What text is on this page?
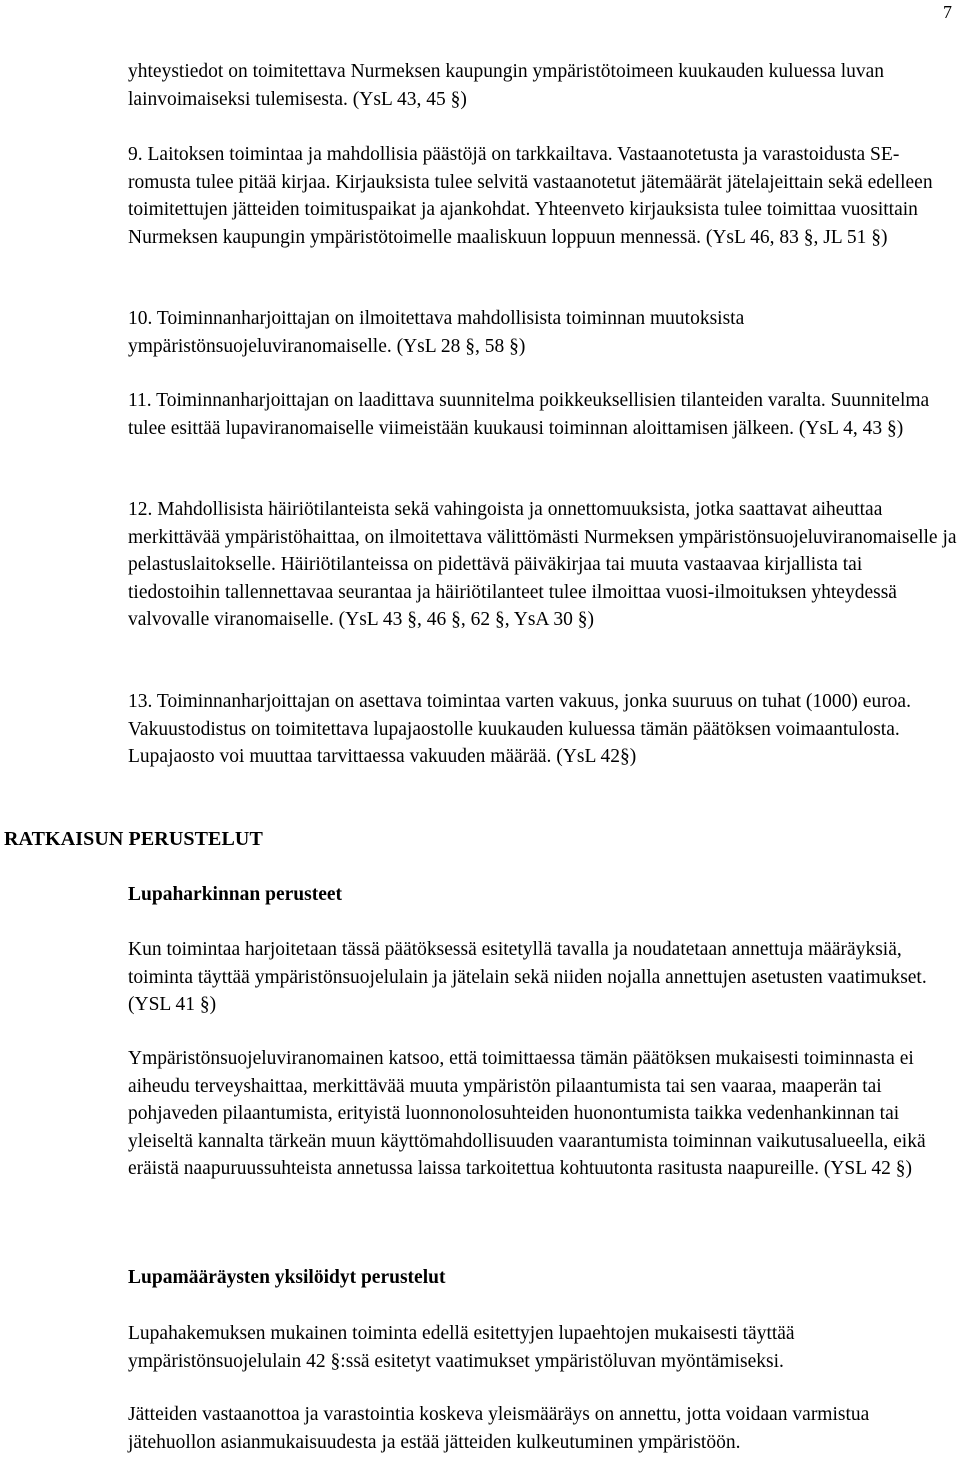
7

yhteystiedot on toimitettava Nurmeksen kaupungin ympäristötoimeen kuukauden kuluessa luvan lainvoimaiseksi tulemisesta. (YsL 43, 45 §)

9. Laitoksen toimintaa ja mahdollisia päästöjä on tarkkailtava. Vastaanotetusta ja varastoidusta SE-romusta tulee pitää kirjaa. Kirjauksista tulee selvitä vastaanotetut jätemäärät jätelajeittain sekä edelleen toimitettujen jätteiden toimituspaikat ja ajankohdat. Yhteenveto kirjauksista tulee toimittaa vuosittain Nurmeksen kaupungin ympäristötoimelle maaliskuun loppuun mennessä. (YsL 46, 83 §, JL 51 §)

10. Toiminnanharjoittajan on ilmoitettava mahdollisista toiminnan muutoksista ympäristönsuojeluviranomaiselle. (YsL 28 §, 58 §)

11. Toiminnanharjoittajan on laadittava suunnitelma poikkeuksellisien tilanteiden varalta. Suunnitelma tulee esittää lupaviranomaiselle viimeistään kuukausi toiminnan aloittamisen jälkeen. (YsL 4, 43 §)

12. Mahdollisista häiriötilanteista sekä vahingoista ja onnettomuuksista, jotka saattavat aiheuttaa merkittävää ympäristöhaittaa, on ilmoitettava välittömästi Nurmeksen ympäristönsuojeluviranomaiselle ja pelastuslaitokselle. Häiriötilanteissa on pidettävä päiväkirjaa tai muuta vastaavaa kirjallista tai tiedostoihin tallennettavaa seurantaa ja häiriötilanteet tulee ilmoittaa vuosi-ilmoituksen yhteydessä valvovalle viranomaiselle. (YsL 43 §, 46 §, 62 §, YsA 30 §)

13. Toiminnanharjoittajan on asettava toimintaa varten vakuus, jonka suuruus on tuhat (1000) euroa. Vakuustodistus on toimitettava lupajaostolle kuukauden kuluessa tämän päätöksen voimaantulosta. Lupajaosto voi muuttaa tarvittaessa vakuuden määrää. (YsL 42§)

RATKAISUN PERUSTELUT
Lupaharkinnan perusteet

Kun toimintaa harjoitetaan tässä päätöksessä esitetyllä tavalla ja noudatetaan annettuja määräyksiä, toiminta täyttää ympäristönsuojelulain ja jätelain sekä niiden nojalla annettujen asetusten vaatimukset. (YSL 41 §)

Ympäristönsuojeluviranomainen katsoo, että toimittaessa tämän päätöksen mukaisesti toiminnasta ei aiheudu terveyshaittaa, merkittävää muuta ympäristön pilaantumista tai sen vaaraa, maaperän tai pohjaveden pilaantumista, erityistä luonnonolosuhteiden huonontumista taikka vedenhankinnan tai yleiseltä kannalta tärkeän muun käyttömahdollisuuden vaarantumista toiminnan vaikutusalueella, eikä eräistä naapuruussuhteista annetussa laissa tarkoitettua kohtuutonta rasitusta naapureille. (YSL 42 §)

Lupamääräysten yksilöidyt perustelut

Lupahakemuksen mukainen toiminta edellä esitettyjen lupaehtojen mukaisesti täyttää ympäristönsuojelulain 42 §:ssä esitetyt vaatimukset ympäristöluvan myöntämiseksi.

Jätteiden vastaanottoa ja varastointia koskeva yleismääräys on annettu, jotta voidaan varmistua jätehuollon asianmukaisuudesta ja estää jätteiden kulkeutuminen ympäristöön.
